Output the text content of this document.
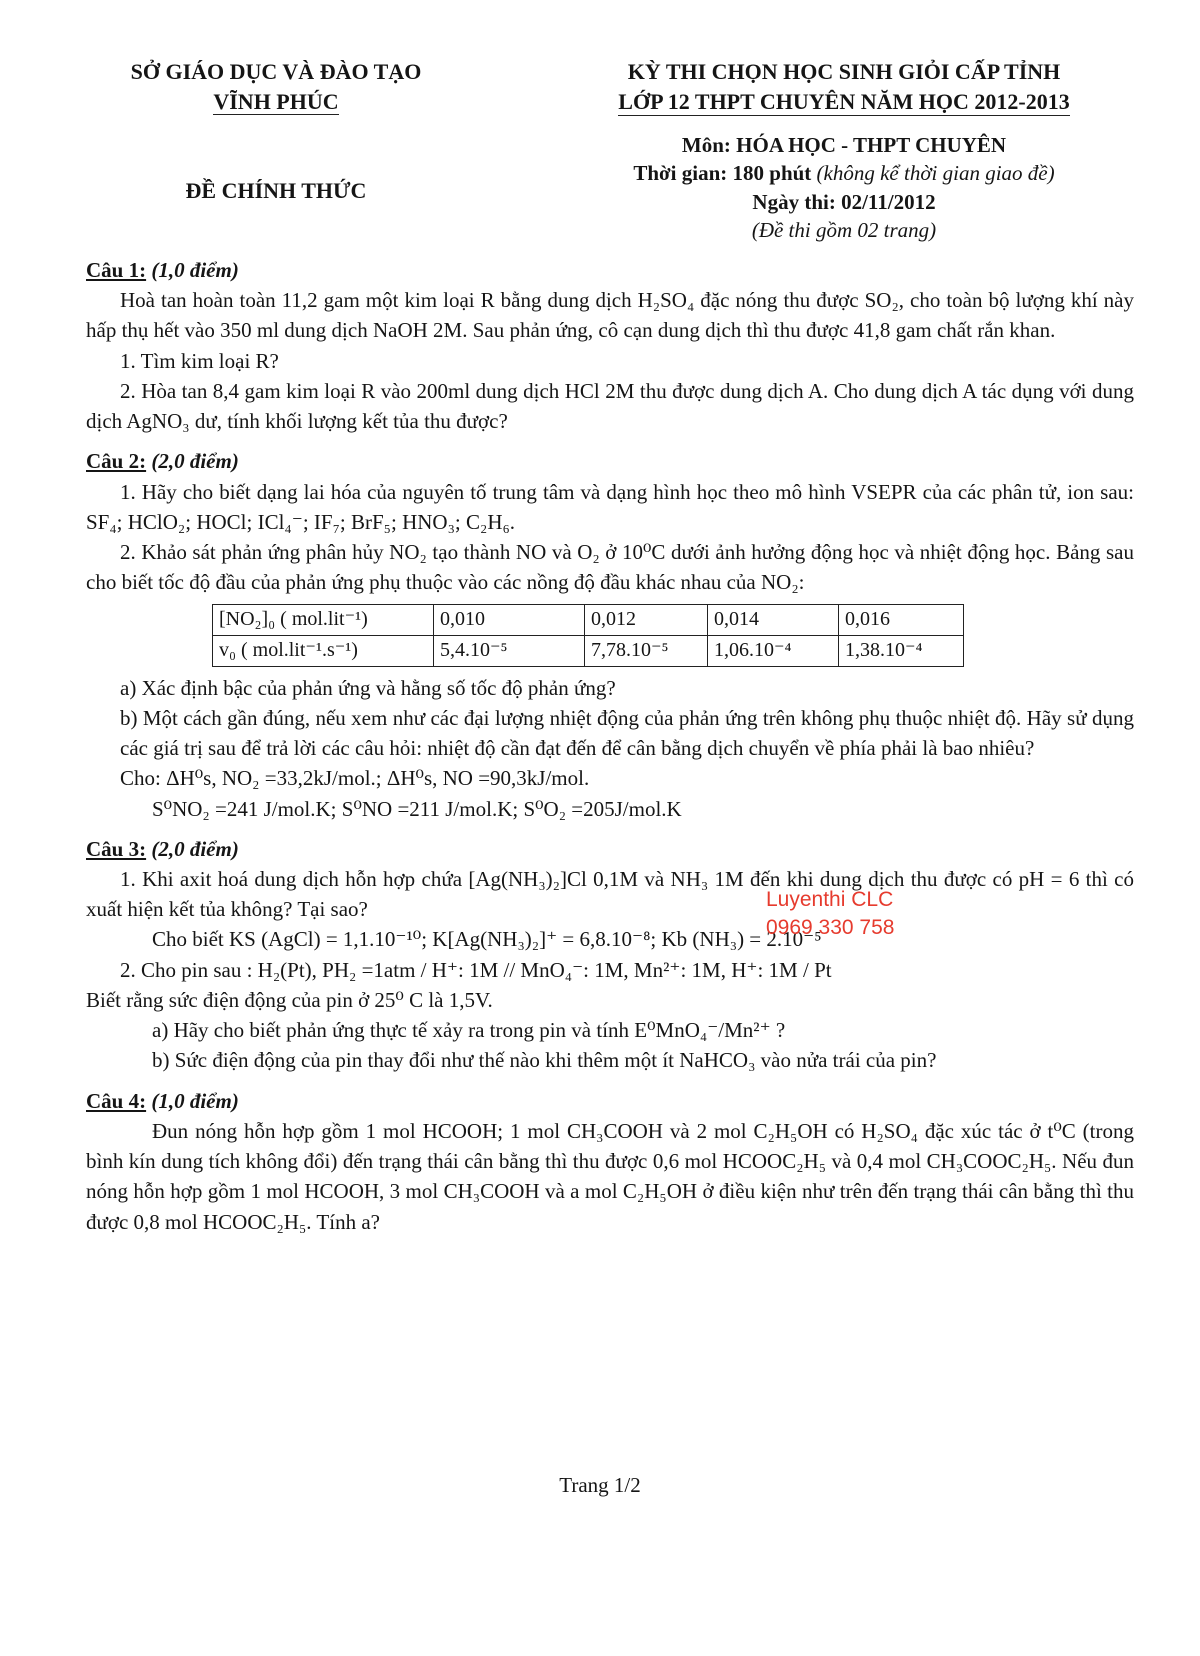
SỞ GIÁO DỤC VÀ ĐÀO TẠO
VĨNH PHÚC
ĐỀ CHÍNH THỨC
KỲ THI CHỌN HỌC SINH GIỎI CẤP TỈNH
LỚP 12 THPT CHUYÊN NĂM HỌC 2012-2013
Môn: HÓA HỌC - THPT CHUYÊN
Thời gian: 180 phút (không kể thời gian giao đề)
Ngày thi: 02/11/2012
(Đề thi gồm 02 trang)
Câu 1: (1,0 điểm)

Hoà tan hoàn toàn 11,2 gam một kim loại R bằng dung dịch H₂SO₄ đặc nóng thu được SO₂, cho toàn bộ lượng khí này hấp thụ hết vào 350 ml dung dịch NaOH 2M. Sau phản ứng, cô cạn dung dịch thì thu được 41,8 gam chất rắn khan.

1. Tìm kim loại R?

2. Hòa tan 8,4 gam kim loại R vào 200ml dung dịch HCl 2M thu được dung dịch A. Cho dung dịch A tác dụng với dung dịch AgNO₃ dư, tính khối lượng kết tủa thu được?

Câu 2: (2,0 điểm)

1. Hãy cho biết dạng lai hóa của nguyên tố trung tâm và dạng hình học theo mô hình VSEPR của các phân tử, ion sau: SF₄; HClO₂; HOCl; ICl₄⁻; IF₇; BrF₅; HNO₃; C₂H₆.

2. Khảo sát phản ứng phân hủy NO₂ tạo thành NO và O₂ ở 10⁰C dưới ảnh hưởng động học và nhiệt động học. Bảng sau cho biết tốc độ đầu của phản ứng phụ thuộc vào các nồng độ đầu khác nhau của NO₂:

[NO₂]₀ ( mol.lit⁻¹)	0,010	0,012	0,014	0,016
v₀ ( mol.lit⁻¹.s⁻¹)	5,4.10⁻⁵	7,78.10⁻⁵	1,06.10⁻⁴	1,38.10⁻⁴

a) Xác định bậc của phản ứng và hằng số tốc độ phản ứng?

b) Một cách gần đúng, nếu xem như các đại lượng nhiệt động của phản ứng trên không phụ thuộc nhiệt độ. Hãy sử dụng các giá trị sau để trả lời các câu hỏi: nhiệt độ cần đạt đến để cân bằng dịch chuyển về phía phải là bao nhiêu?

Cho: ΔH⁰s, NO₂ =33,2kJ/mol.; ΔH⁰s, NO =90,3kJ/mol.

S⁰NO₂ =241 J/mol.K; S⁰NO =211 J/mol.K; S⁰O₂ =205J/mol.K

Câu 3: (2,0 điểm)

1. Khi axit hoá dung dịch hỗn hợp chứa [Ag(NH₃)₂]Cl 0,1M và NH₃ 1M đến khi dung dịch thu được có pH = 6 thì có xuất hiện kết tủa không? Tại sao?

Cho biết KS (AgCl) = 1,1.10⁻¹⁰; K[Ag(NH₃)₂]⁺ = 6,8.10⁻⁸; Kb (NH₃) = 2.10⁻⁵

2. Cho pin sau : H₂(Pt), PH₂ =1atm / H⁺: 1M // MnO₄⁻: 1M, Mn²⁺: 1M, H⁺: 1M / Pt

Biết rằng sức điện động của pin ở 25⁰ C là 1,5V.

a) Hãy cho biết phản ứng thực tế xảy ra trong pin và tính E⁰MnO₄⁻/Mn²⁺ ?

b) Sức điện động của pin thay đổi như thế nào khi thêm một ít NaHCO₃ vào nửa trái của pin?

Câu 4: (1,0 điểm)

Đun nóng hỗn hợp gồm 1 mol HCOOH; 1 mol CH₃COOH và 2 mol C₂H₅OH có H₂SO₄ đặc xúc tác ở t⁰C (trong bình kín dung tích không đổi) đến trạng thái cân bằng thì thu được 0,6 mol HCOOC₂H₅ và 0,4 mol CH₃COOC₂H₅. Nếu đun nóng hỗn hợp gồm 1 mol HCOOH, 3 mol CH₃COOH và a mol C₂H₅OH ở điều kiện như trên đến trạng thái cân bằng thì thu được 0,8 mol HCOOC₂H₅. Tính a?

Luyenthi CLC
0969 330 758
Trang 1/2
